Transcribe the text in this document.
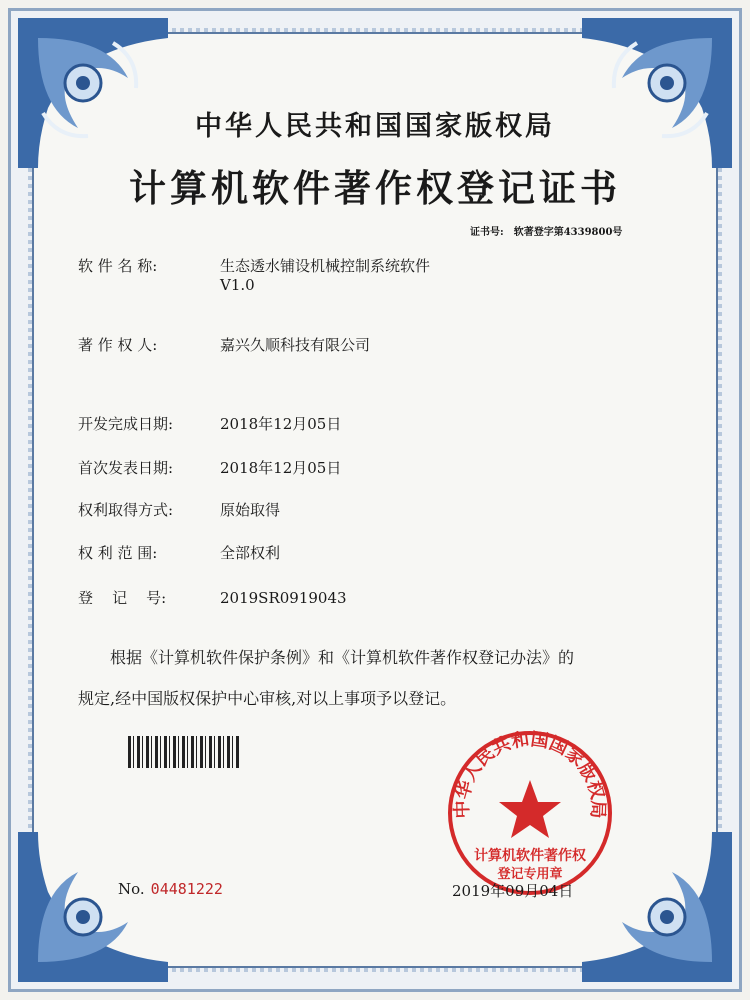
中华人民共和国国家版权局
计算机软件著作权登记证书
证书号: 软著登字第4339800号
软 件 名 称:	生态透水铺设机械控制系统软件
V1.0
著 作 权 人:	嘉兴久顺科技有限公司
开发完成日期:	2018年12月05日
首次发表日期:	2018年12月05日
权利取得方式:	原始取得
权 利 范 围:	全部权利
登    记    号:	2019SR0919043
根据《计算机软件保护条例》和《计算机软件著作权登记办法》的
规定,经中国版权保护中心审核,对以上事项予以登记。
中华人民共和国国家版权局
计算机软件著作权
登记专用章
No. 04481222	2019年09月04日
